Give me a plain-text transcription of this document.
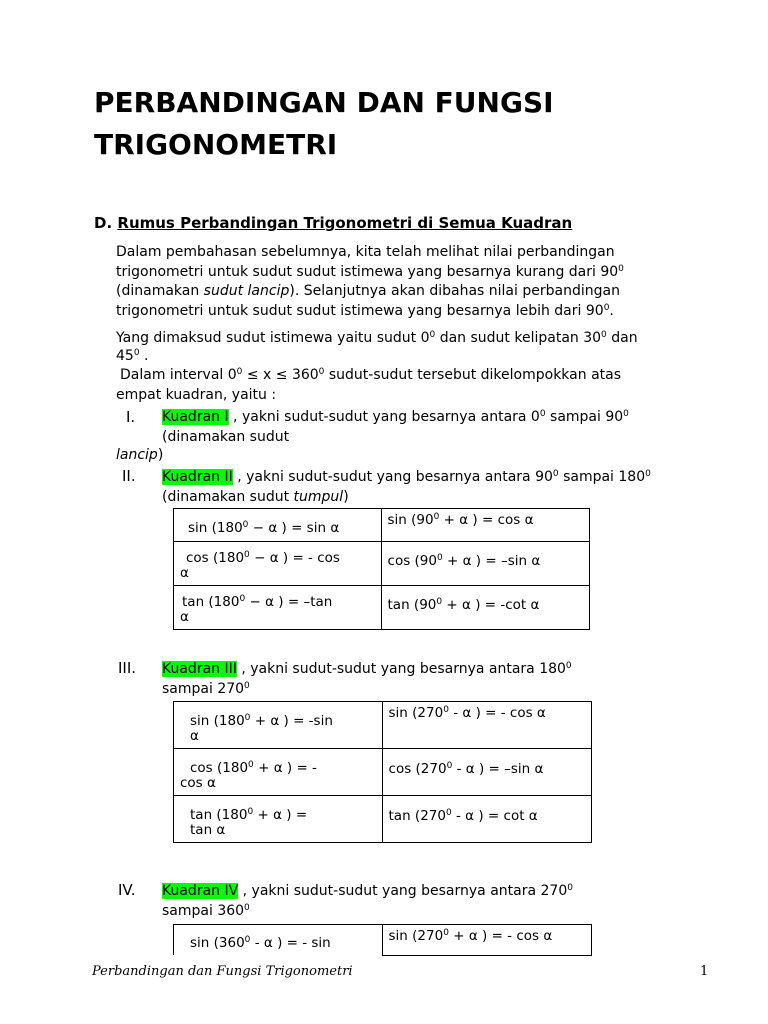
PERBANDINGAN DAN FUNGSI
TRIGONOMETRI
D. Rumus Perbandingan Trigonometri di Semua Kuadran
Dalam pembahasan sebelumnya, kita telah melihat nilai perbandingan
trigonometri untuk sudut sudut istimewa yang besarnya kurang dari $90^0$
(dinamakan sudut lancip). Selanjutnya akan dibahas nilai perbandingan
trigonometri untuk sudut sudut istimewa yang besarnya lebih dari $90^0$.
Yang dimaksud sudut istimewa yaitu sudut $0^0$ dan sudut kelipatan $30^0$ dan
$45^0$ .
Dalam interval $0^0 \le x \le 360^0$ sudut-sudut tersebut dikelompokkan atas
empat kuadran, yaitu :
I. Kuadran I , yakni sudut-sudut yang besarnya antara $0^0$ sampai $90^0$
(dinamakan sudut
lancip)
II. Kuadran II , yakni sudut-sudut yang besarnya antara $90^0$ sampai $180^0$
(dinamakan sudut tumpul)
$\sin (180^0 - \alpha$ ) = sin α	$\sin (90^0 + \alpha$ ) = cos α

$\cos (180^0 - \alpha$ ) = - cos
α	$\cos (90^0 + \alpha$ ) = –sin α

$\tan (180^0 - \alpha$ ) = –tan
α	$\tan (90^0 + \alpha$ ) = -cot α
III. Kuadran III , yakni sudut-sudut yang besarnya antara $180^0$
sampai $270^0$
$\sin (180^0 + \alpha$ ) = -sin
α	$\sin (270^0$ - α ) = - cos α

$\cos (180^0 + \alpha$ ) = -
cos α	$\cos (270^0$ - α ) = –sin α

$\tan (180^0 + \alpha$ ) =
tan α	$\tan (270^0$ - α ) = cot α
IV. Kuadran IV , yakni sudut-sudut yang besarnya antara $270^0$
sampai $360^0$
$\sin (360^0$ - α ) = - sin	$\sin (270^0 + \alpha$ ) = - cos α
Perbandingan dan Fungsi Trigonometri	1
